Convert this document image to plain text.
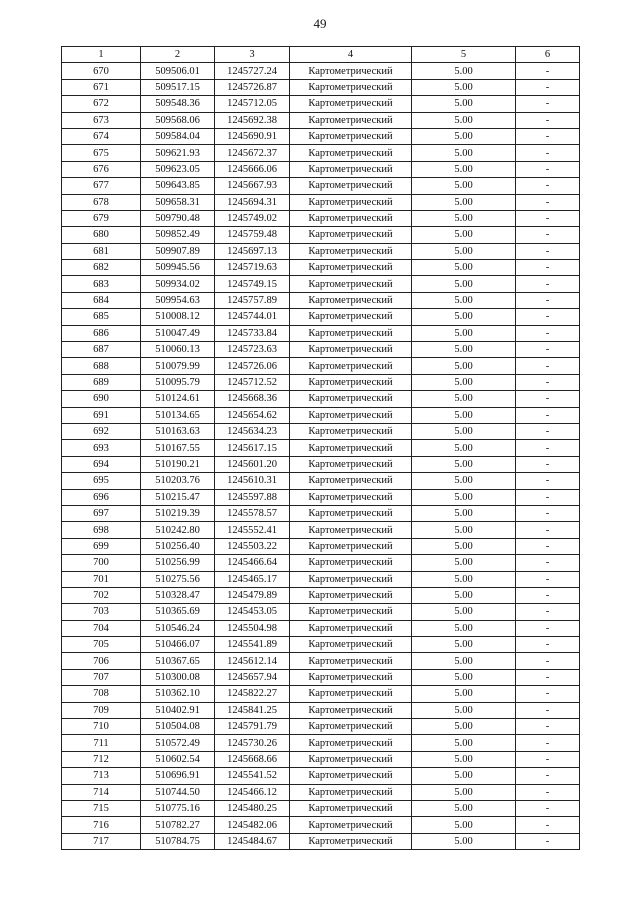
49
1	2	3	4	5	6
670	509506.01	1245727.24	Картометрический	5.00	-
671	509517.15	1245726.87	Картометрический	5.00	-
672	509548.36	1245712.05	Картометрический	5.00	-
673	509568.06	1245692.38	Картометрический	5.00	-
674	509584.04	1245690.91	Картометрический	5.00	-
675	509621.93	1245672.37	Картометрический	5.00	-
676	509623.05	1245666.06	Картометрический	5.00	-
677	509643.85	1245667.93	Картометрический	5.00	-
678	509658.31	1245694.31	Картометрический	5.00	-
679	509790.48	1245749.02	Картометрический	5.00	-
680	509852.49	1245759.48	Картометрический	5.00	-
681	509907.89	1245697.13	Картометрический	5.00	-
682	509945.56	1245719.63	Картометрический	5.00	-
683	509934.02	1245749.15	Картометрический	5.00	-
684	509954.63	1245757.89	Картометрический	5.00	-
685	510008.12	1245744.01	Картометрический	5.00	-
686	510047.49	1245733.84	Картометрический	5.00	-
687	510060.13	1245723.63	Картометрический	5.00	-
688	510079.99	1245726.06	Картометрический	5.00	-
689	510095.79	1245712.52	Картометрический	5.00	-
690	510124.61	1245668.36	Картометрический	5.00	-
691	510134.65	1245654.62	Картометрический	5.00	-
692	510163.63	1245634.23	Картометрический	5.00	-
693	510167.55	1245617.15	Картометрический	5.00	-
694	510190.21	1245601.20	Картометрический	5.00	-
695	510203.76	1245610.31	Картометрический	5.00	-
696	510215.47	1245597.88	Картометрический	5.00	-
697	510219.39	1245578.57	Картометрический	5.00	-
698	510242.80	1245552.41	Картометрический	5.00	-
699	510256.40	1245503.22	Картометрический	5.00	-
700	510256.99	1245466.64	Картометрический	5.00	-
701	510275.56	1245465.17	Картометрический	5.00	-
702	510328.47	1245479.89	Картометрический	5.00	-
703	510365.69	1245453.05	Картометрический	5.00	-
704	510546.24	1245504.98	Картометрический	5.00	-
705	510466.07	1245541.89	Картометрический	5.00	-
706	510367.65	1245612.14	Картометрический	5.00	-
707	510300.08	1245657.94	Картометрический	5.00	-
708	510362.10	1245822.27	Картометрический	5.00	-
709	510402.91	1245841.25	Картометрический	5.00	-
710	510504.08	1245791.79	Картометрический	5.00	-
711	510572.49	1245730.26	Картометрический	5.00	-
712	510602.54	1245668.66	Картометрический	5.00	-
713	510696.91	1245541.52	Картометрический	5.00	-
714	510744.50	1245466.12	Картометрический	5.00	-
715	510775.16	1245480.25	Картометрический	5.00	-
716	510782.27	1245482.06	Картометрический	5.00	-
717	510784.75	1245484.67	Картометрический	5.00	-
